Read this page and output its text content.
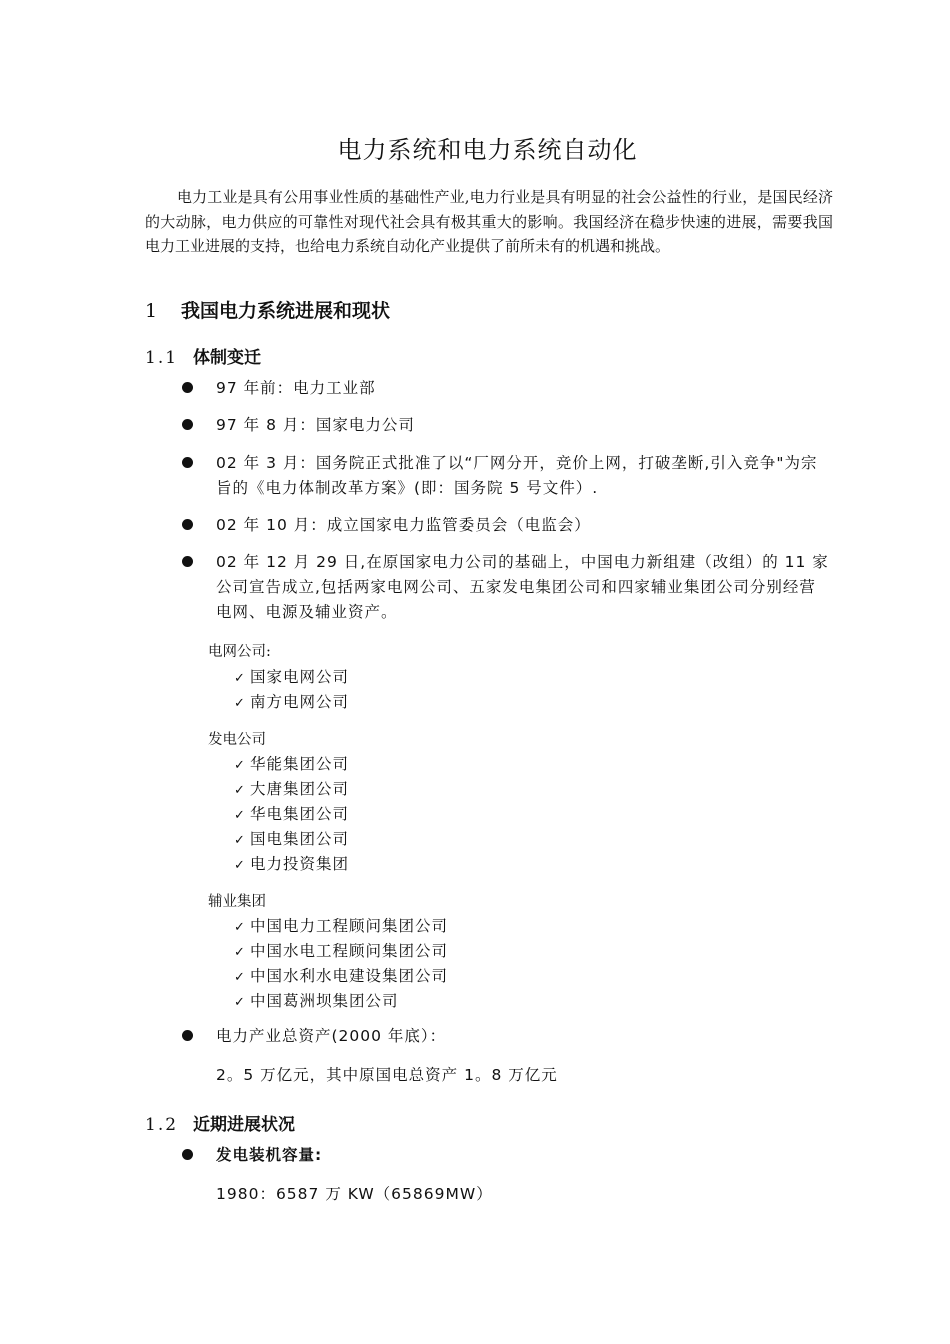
电力系统和电力系统自动化

电力工业是具有公用事业性质的基础性产业,电力行业是具有明显的社会公益性的行业，是国民经济的大动脉，电力供应的可靠性对现代社会具有极其重大的影响。我国经济在稳步快速的进展，需要我国电力工业进展的支持，也给电力系统自动化产业提供了前所未有的机遇和挑战。

1 我国电力系统进展和现状
1.1 体制变迁
97 年前：电力工业部
97 年 8 月：国家电力公司
02 年 3 月：国务院正式批准了以“厂网分开，竞价上网，打破垄断,引入竞争"为宗旨的《电力体制改革方案》(即：国务院 5 号文件）.
02 年 10 月：成立国家电力监管委员会（电监会）
02 年 12 月 29 日,在原国家电力公司的基础上，中国电力新组建（改组）的 11 家公司宣告成立,包括两家电网公司、五家发电集团公司和四家辅业集团公司分别经营电网、电源及辅业资产。
电网公司:
✓ 国家电网公司
✓ 南方电网公司
发电公司
✓ 华能集团公司
✓ 大唐集团公司
✓ 华电集团公司
✓ 国电集团公司
✓ 电力投资集团
辅业集团
✓ 中国电力工程顾问集团公司
✓ 中国水电工程顾问集团公司
✓ 中国水利水电建设集团公司
✓ 中国葛洲坝集团公司
电力产业总资产(2000 年底）：
2。5 万亿元，其中原国电总资产 1。8 万亿元
1.2 近期进展状况
发电装机容量:
1980：6587 万 KW（65869MW）
